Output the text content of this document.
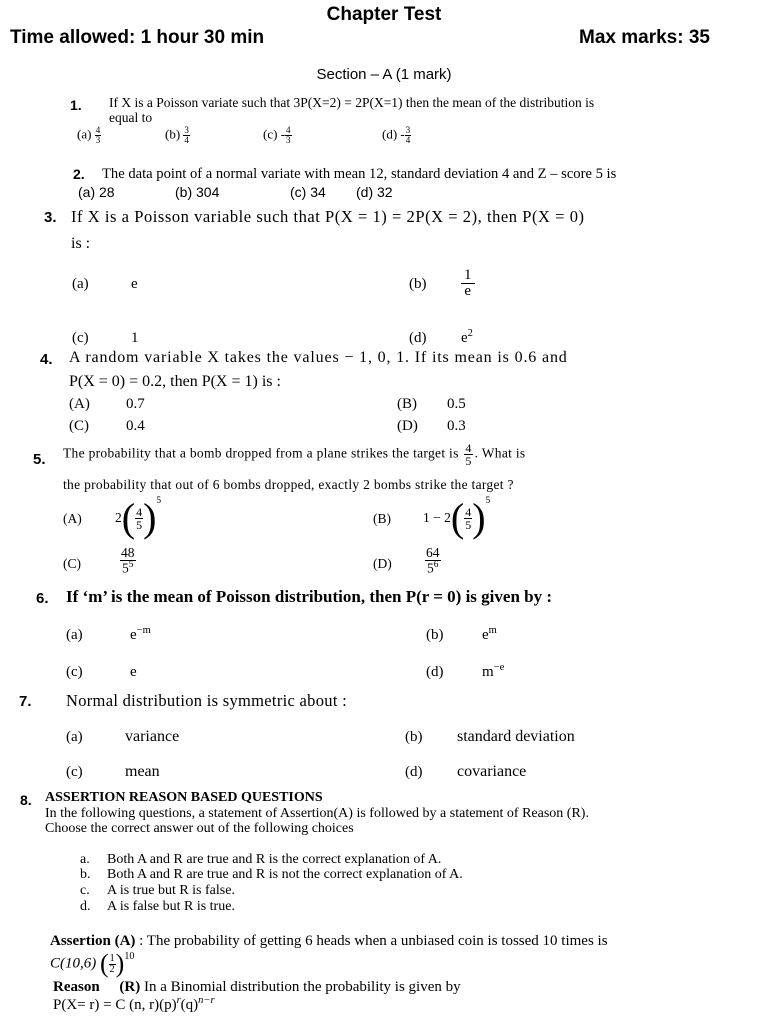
Chapter Test
Time allowed: 1 hour 30 min	Max marks: 35
Section – A (1 mark)
1. If X is a Poisson variate such that 3P(X=2) = 2P(X=1) then the mean of the distribution is
equal to
$(a) \frac{4}{3}$	$(b) \frac{3}{4}$	$(c) - \frac{4}{3}$	$(d) - \frac{3}{4}$
2. The data point of a normal variate with mean 12, standard deviation 4 and Z – score 5 is
(a) 28	(b) 304	(c) 34 (d) 32
3. If X is a Poisson variable such that P(X = 1) = 2P(X = 2), then P(X = 0)
is :
(a)	e	$(b) \frac{1}{e}$
(c)	1	(d) $e^2$
4. A random variable X takes the values − 1, 0, 1. If its mean is 0.6 and
P(X = 0) = 0.2, then P(X = 1) is :
(A) 0.7	(B) 0.5
(C) 0.4	(D) 0.3
5. The probability that a bomb dropped from a plane strikes the target is $\frac{4}{5}$ . What is
the probability that out of 6 bombs dropped, exactly 2 bombs strike the target ?
(A) $2( \frac{4}{5} )^5$
(B) $1 - 2( \frac{4}{5} )^5$
(C)	$\frac{48}{5^5}$	$(D) \frac{64}{5^6}$
6. If ‘m’ is the mean of Poisson distribution, then P(r = 0) is given by :
(a)	$e^{-m}$	(b)	$e^m$
(c)	e	(d)	$m^{-e}$
7. Normal distribution is symmetric about :
(a)	variance	(b) standard deviation
(c)	mean	(d) covariance
8. ASSERTION REASON BASED QUESTIONS
In the following questions, a statement of Assertion(A) is followed by a statement of Reason (R).
Choose the correct answer out of the following choices
a. Both A and R are true and R is the correct explanation of A.
b. Both A and R are true and R is not the correct explanation of A.
c. A is true but R is false.
d. A is false but R is true.
Assertion (A) : The probability of getting 6 heads when a unbiased coin is tossed 10 times is
C(10,6) ( $\frac{1}{2} )^{10}$
Reason (R) In a Binomial distribution the probability is given by
P(X= r) = C (n, $r)(p)^r(q)^{n-r}$
